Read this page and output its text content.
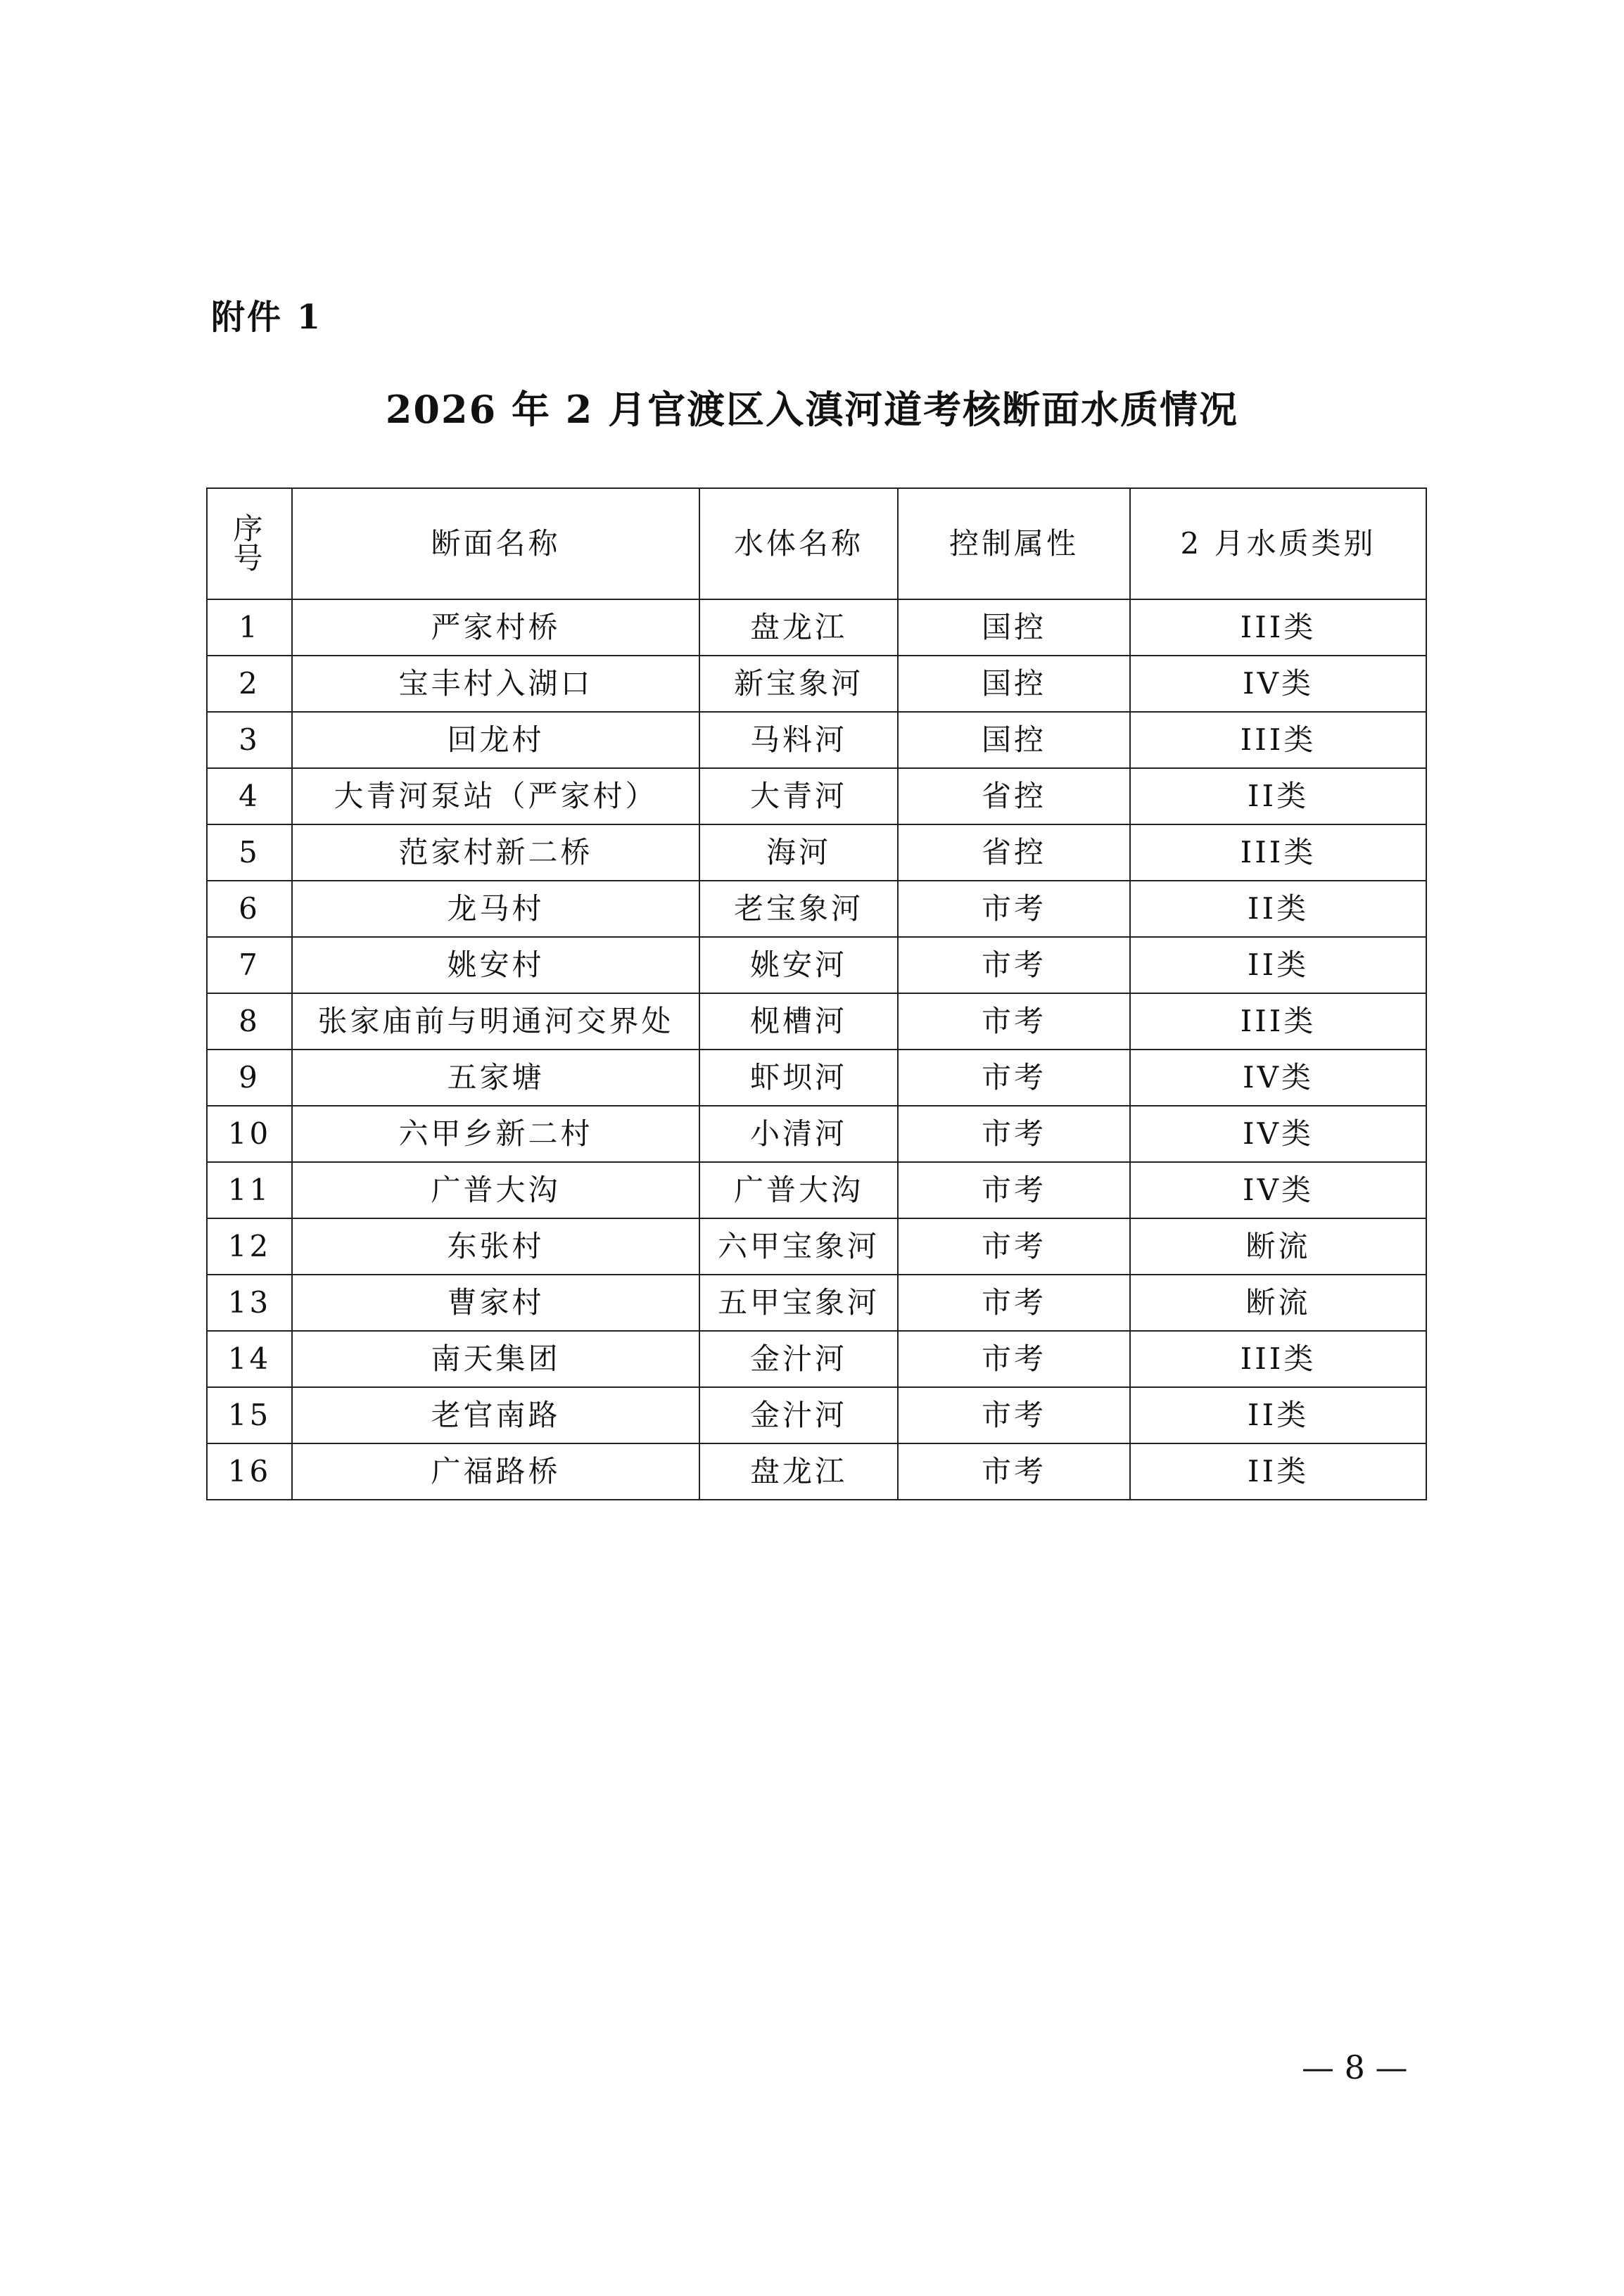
附件 1
2026 年 2 月官渡区入滇河道考核断面水质情况
序
号	断面名称	水体名称	控制属性	2 月水质类别
1	严家村桥	盘龙江	国控	III类
2	宝丰村入湖口	新宝象河	国控	IV类
3	回龙村	马料河	国控	III类
4	大青河泵站（严家村）	大青河	省控	II类
5	范家村新二桥	海河	省控	III类
6	龙马村	老宝象河	市考	II类
7	姚安村	姚安河	市考	II类
8	张家庙前与明通河交界处	枧槽河	市考	III类
9	五家塘	虾坝河	市考	IV类
10	六甲乡新二村	小清河	市考	IV类
11	广普大沟	广普大沟	市考	IV类
12	东张村	六甲宝象河	市考	断流
13	曹家村	五甲宝象河	市考	断流
14	南天集团	金汁河	市考	III类
15	老官南路	金汁河	市考	II类
16	广福路桥	盘龙江	市考	II类
— 8 —
